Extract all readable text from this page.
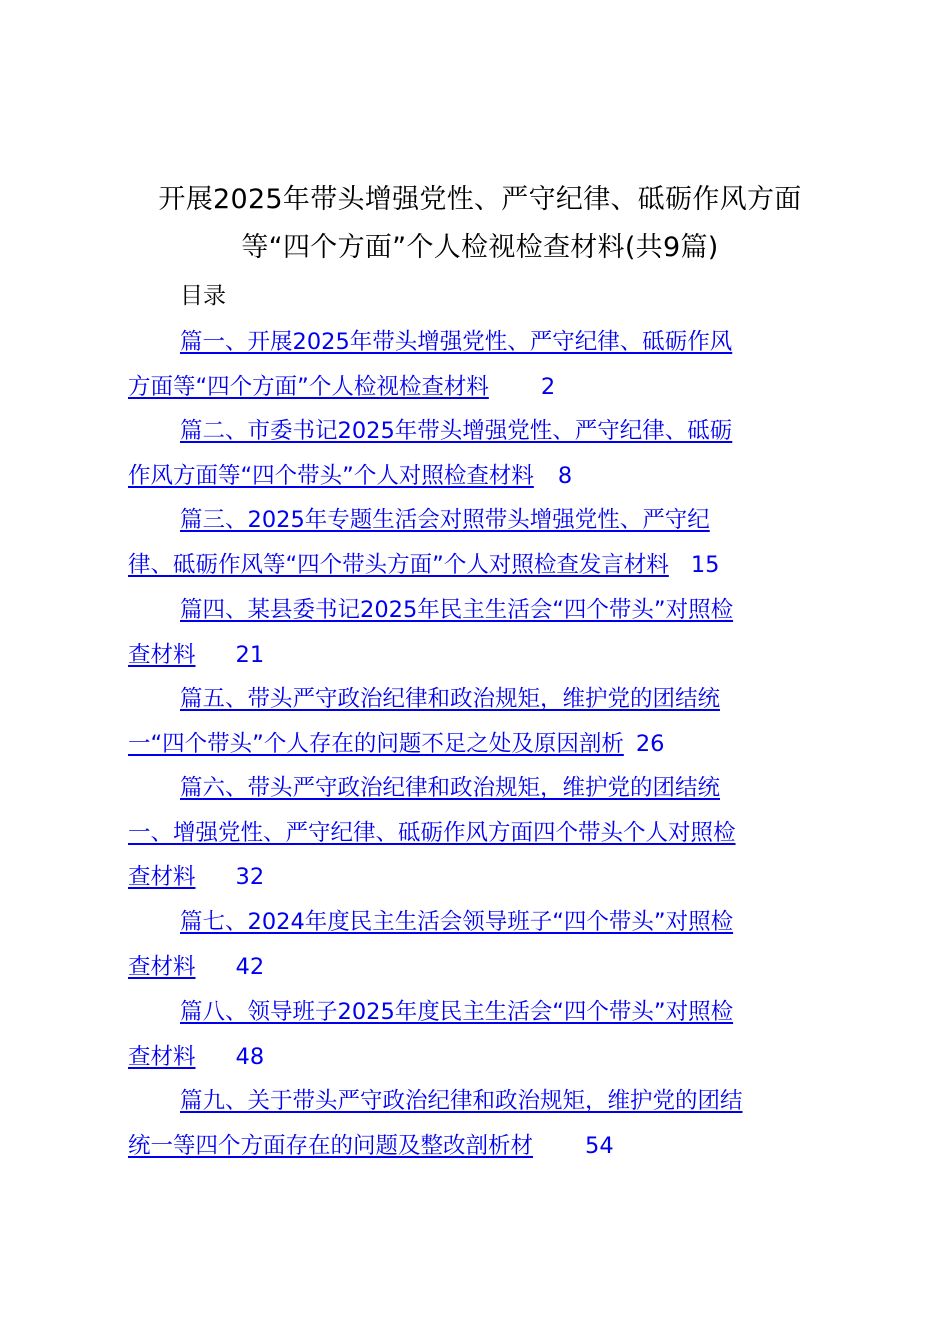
开展2025年带头增强党性、严守纪律、砥砺作风方面
等“四个方面”个人检视检查材料(共9篇)
目录
篇一、开展2025年带头增强党性、严守纪律、砥砺作风
方面等“四个方面”个人检视检查材料 2
篇二、市委书记2025年带头增强党性、严守纪律、砥砺
作风方面等“四个带头”个人对照检查材料 8
篇三、2025年专题生活会对照带头增强党性、严守纪
律、砥砺作风等“四个带头方面”个人对照检查发言材料 15
篇四、某县委书记2025年民主生活会“四个带头”对照检
查材料 21
篇五、带头严守政治纪律和政治规矩，维护党的团结统
一“四个带头”个人存在的问题不足之处及原因剖析 26
篇六、带头严守政治纪律和政治规矩，维护党的团结统
一、增强党性、严守纪律、砥砺作风方面四个带头个人对照检
查材料 32
篇七、2024年度民主生活会领导班子“四个带头”对照检
查材料 42
篇八、领导班子2025年度民主生活会“四个带头”对照检
查材料 48
篇九、关于带头严守政治纪律和政治规矩，维护党的团结
统一等四个方面存在的问题及整改剖析材 54
